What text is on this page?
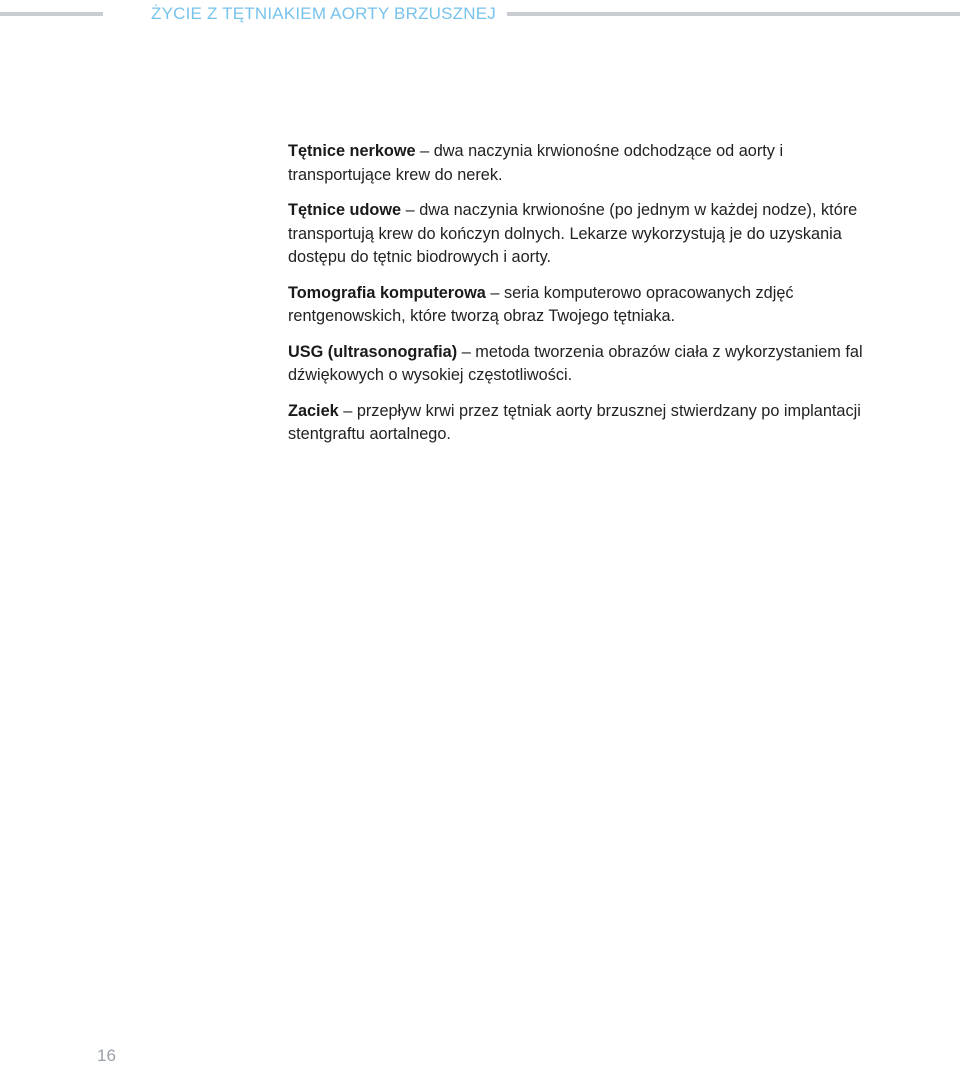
ŻYCIE Z TĘTNIAKIEM AORTY BRZUSZNEJ

Tętnice nerkowe – dwa naczynia krwionośne odchodzące od aorty i transportujące krew do nerek.

Tętnice udowe – dwa naczynia krwionośne (po jednym w każdej nodze), które transportują krew do kończyn dolnych. Lekarze wykorzystują je do uzyskania dostępu do tętnic biodrowych i aorty.

Tomografia komputerowa – seria komputerowo opracowanych zdjęć rentgenowskich, które tworzą obraz Twojego tętniaka.

USG (ultrasonografia) – metoda tworzenia obrazów ciała z wykorzystaniem fal dźwiękowych o wysokiej częstotliwości.

Zaciek – przepływ krwi przez tętniak aorty brzusznej stwierdzany po implantacji stentgraftu aortalnego.

16
